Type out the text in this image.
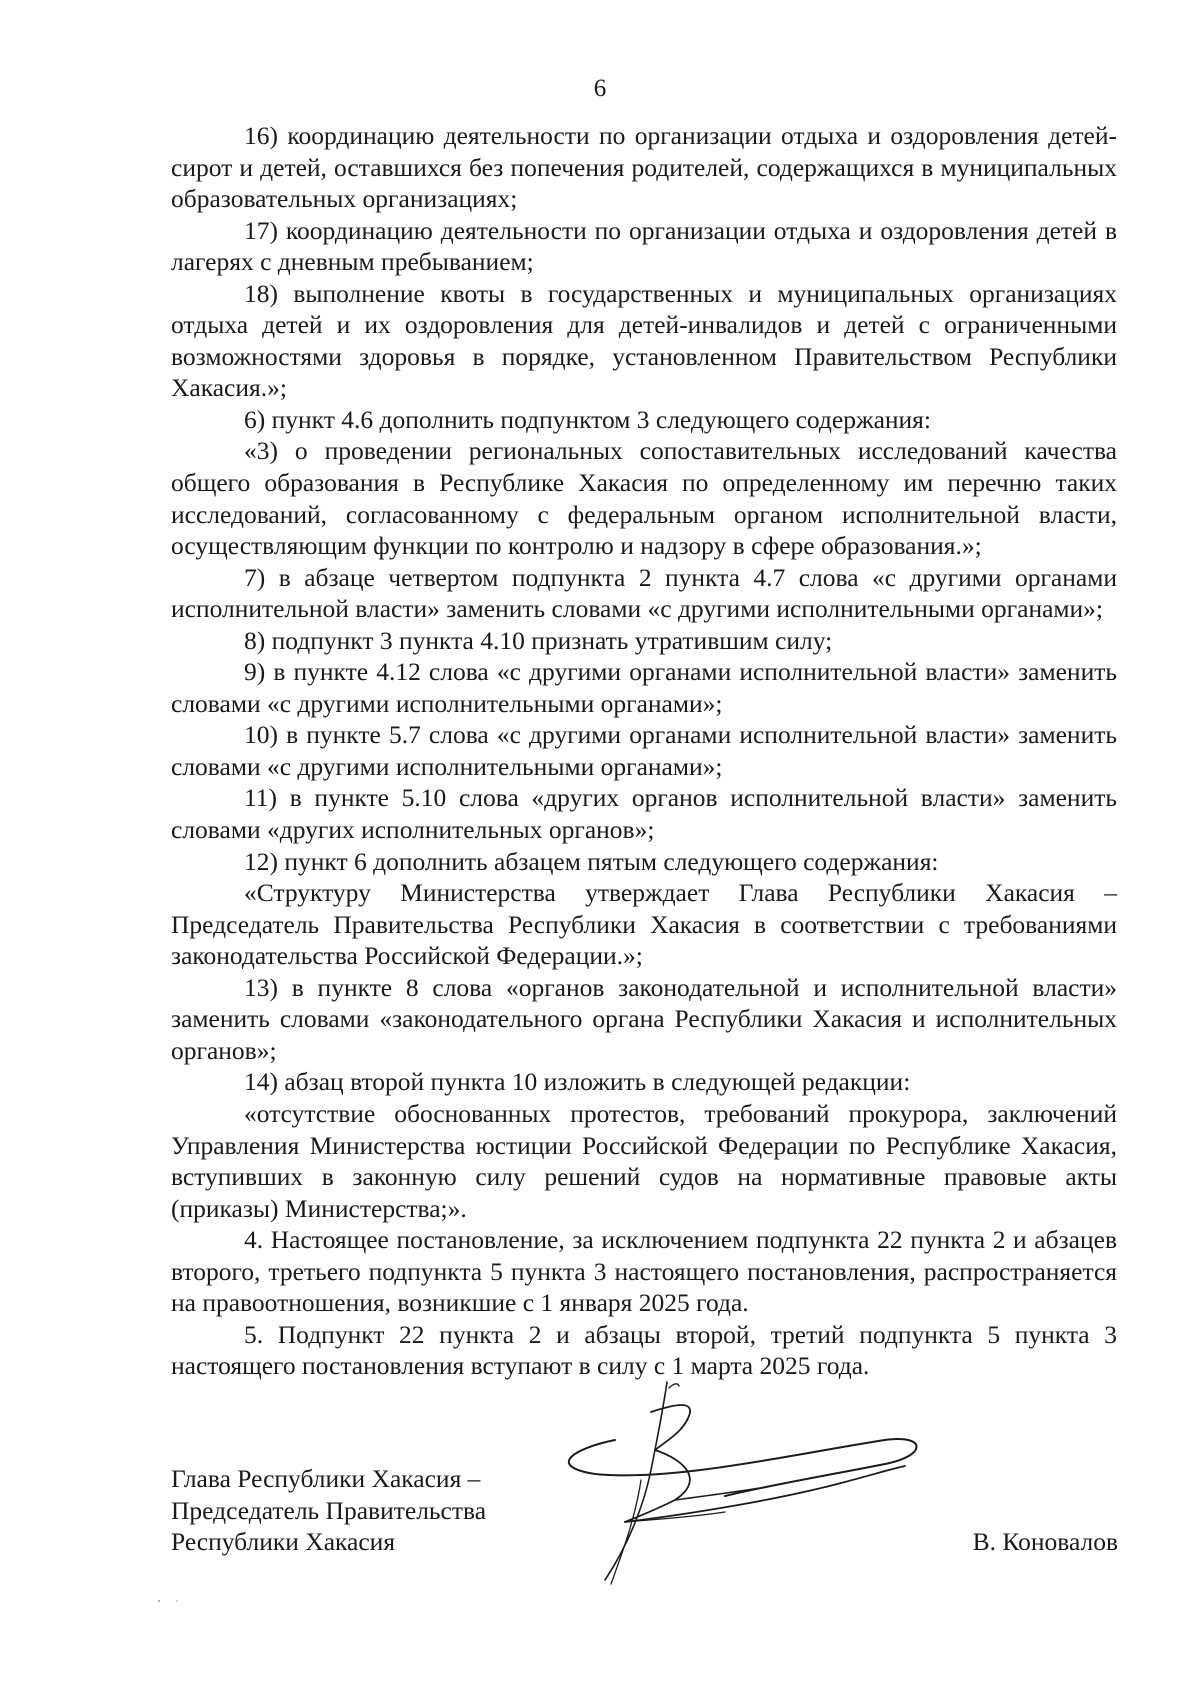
6

16) координацию деятельности по организации отдыха и оздоровления детей-сирот и детей, оставшихся без попечения родителей, содержащихся в муниципальных образовательных организациях;

17) координацию деятельности по организации отдыха и оздоровления детей в лагерях с дневным пребыванием;

18) выполнение квоты в государственных и муниципальных организациях отдыха детей и их оздоровления для детей-инвалидов и детей с ограниченными возможностями здоровья в порядке, установленном Правительством Республики Хакасия.»;

6) пункт 4.6 дополнить подпунктом 3 следующего содержания:

«3) о проведении региональных сопоставительных исследований качества общего образования в Республике Хакасия по определенному им перечню таких исследований, согласованному с федеральным органом исполнительной власти, осуществляющим функции по контролю и надзору в сфере образования.»;

7) в абзаце четвертом подпункта 2 пункта 4.7 слова «с другими органами исполнительной власти» заменить словами «с другими исполнительными органами»;

8) подпункт 3 пункта 4.10 признать утратившим силу;

9) в пункте 4.12 слова «с другими органами исполнительной власти» заменить словами «с другими исполнительными органами»;

10) в пункте 5.7 слова «с другими органами исполнительной власти» заменить словами «с другими исполнительными органами»;

11) в пункте 5.10 слова «других органов исполнительной власти» заменить словами «других исполнительных органов»;

12) пункт 6 дополнить абзацем пятым следующего содержания:

«Структуру Министерства утверждает Глава Республики Хакасия – Председатель Правительства Республики Хакасия в соответствии с требованиями законодательства Российской Федерации.»;

13) в пункте 8 слова «органов законодательной и исполнительной власти» заменить словами «законодательного органа Республики Хакасия и исполнительных органов»;

14) абзац второй пункта 10 изложить в следующей редакции:

«отсутствие обоснованных протестов, требований прокурора, заключений Управления Министерства юстиции Российской Федерации по Республике Хакасия, вступивших в законную силу решений судов на нормативные правовые акты (приказы) Министерства;».

4. Настоящее постановление, за исключением подпункта 22 пункта 2 и абзацев второго, третьего подпункта 5 пункта 3 настоящего постановления, распространяется на правоотношения, возникшие с 1 января 2025 года.

5. Подпункт 22 пункта 2 и абзацы второй, третий подпункта 5 пункта 3 настоящего постановления вступают в силу с 1 марта 2025 года.

Глава Республики Хакасия –
Председатель Правительства
Республики Хакасия	В. Коновалов
